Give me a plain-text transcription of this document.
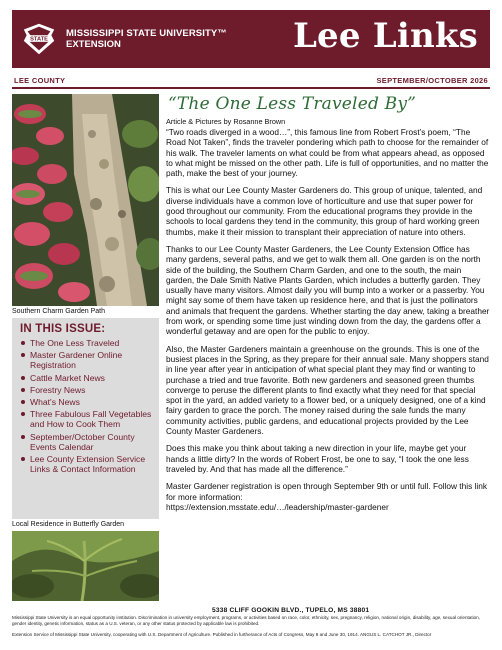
STATE
MISSISSIPPI STATE UNIVERSITY™
EXTENSION	Lee Links
LEE COUNTY	SEPTEMBER/OCTOBER 2026
Southern Charm Garden Path
IN THIS ISSUE:
The One Less Traveled
Master Gardener Online Registration
Cattle Market News
Forestry News
What's News
Three Fabulous Fall Vegetables and How to Cook Them
September/October County Events Calendar
Lee County Extension Service Links & Contact Information
Local Residence in Butterfly Garden
“The One Less Traveled By”
Article & Pictures by Rosanne Brown

“Two roads diverged in a wood…”, this famous line from Robert Frost’s poem, “The Road Not Taken”, finds the traveler pondering which path to choose for the remainder of his walk. The traveler laments on what could be from what appears ahead, as opposed to what might be missed on the other path. Life is full of opportunities, and no matter the path, make the best of your journey.

This is what our Lee County Master Gardeners do. This group of unique, talented, and diverse individuals have a common love of horticulture and use that super power for good throughout our community. From the educational programs they provide in the schools to local gardens they tend in the community, this group of hard working green thumbs, make it their mission to transplant their appreciation of nature into others.

Thanks to our Lee County Master Gardeners, the Lee County Extension Office has many gardens, several paths, and we get to walk them all. One garden is on the north side of the building, the Southern Charm Garden, and one to the south, the main garden, the Dale Smith Native Plants Garden, which includes a butterfly garden. They usually have many visitors. Almost daily you will bump into a worker or a passerby. You might say some of them have taken up residence here, and that is just the pollinators and animals that frequent the gardens. Whether starting the day anew, taking a breather from work, or spending some time just winding down from the day, the gardens offer a wonderful getaway and are open for the public to enjoy.

Also, the Master Gardeners maintain a greenhouse on the grounds. This is one of the busiest places in the Spring, as they prepare for their annual sale. Many shoppers stand in line year after year in anticipation of what special plant they may find or wanting to purchase a tried and true favorite. Both new gardeners and seasoned green thumbs converge to peruse the different plants to find exactly what they need for that special spot in the yard, an added variety to a flower bed, or a uniquely designed, one of a kind fairy garden to grace the porch. The money raised during the sale funds the many community activities, public gardens, and educational projects provided by the Lee County Master Gardeners.

Does this make you think about taking a new direction in your life, maybe get your hands a little dirty? In the words of Robert Frost, be one to say, “I took the one less traveled by. And that has made all the difference.”

Master Gardener registration is open through September 9th or until full. Follow this link for more information:

https://extension.msstate.edu/…/leadership/master-gardener
5338 CLIFF GOOKIN BLVD., TUPELO, MS 38801
Mississippi State University is an equal opportunity institution. Discrimination in university employment, programs, or activities based on race, color, ethnicity, sex, pregnancy, religion, national origin, disability, age, sexual orientation, gender identity, genetic information, status as a U.S. veteran, or any other status protected by applicable law is prohibited.
Extension Service of Mississippi State University, cooperating with U.S. Department of Agriculture. Published in furtherance of Acts of Congress, May 8 and June 30, 1914. ANGUS L. CATCHOT JR., Director
